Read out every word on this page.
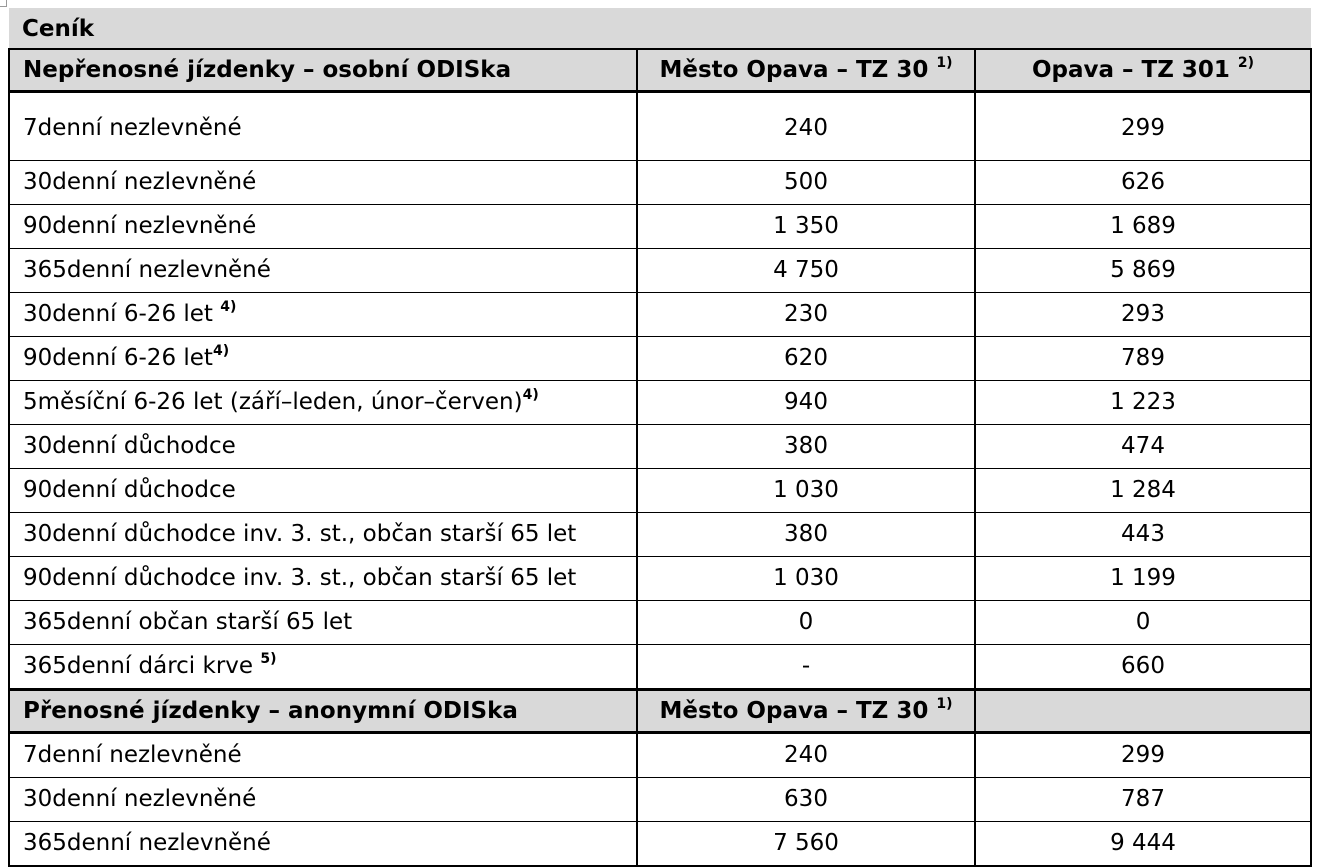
Ceník		
Nepřenosné jízdenky – osobní ODISka	Město Opava – TZ 30 $^{1)}$	Opava – TZ 301 $^{2)}$
7denní nezlevněné	240	299
30denní nezlevněné	500	626
90denní nezlevněné	1 350	1 689
365denní nezlevněné	4 750	5 869
30denní 6-26 let $^{4)}$	230	293
90denní 6-26 let$^{4)}$	620	789
5měsíční 6-26 let (září–leden, únor–červen)$^{4)}$	940	1 223
30denní důchodce	380	474
90denní důchodce	1 030	1 284
30denní důchodce inv. 3. st., občan starší 65 let	380	443
90denní důchodce inv. 3. st., občan starší 65 let	1 030	1 199
365denní občan starší 65 let	0	0
365denní dárci krve $^{5)}$	-	660
Přenosné jízdenky – anonymní ODISka	Město Opava – TZ 30 $^{1)}$	
7denní nezlevněné	240	299
30denní nezlevněné	630	787
365denní nezlevněné	7 560	9 444
